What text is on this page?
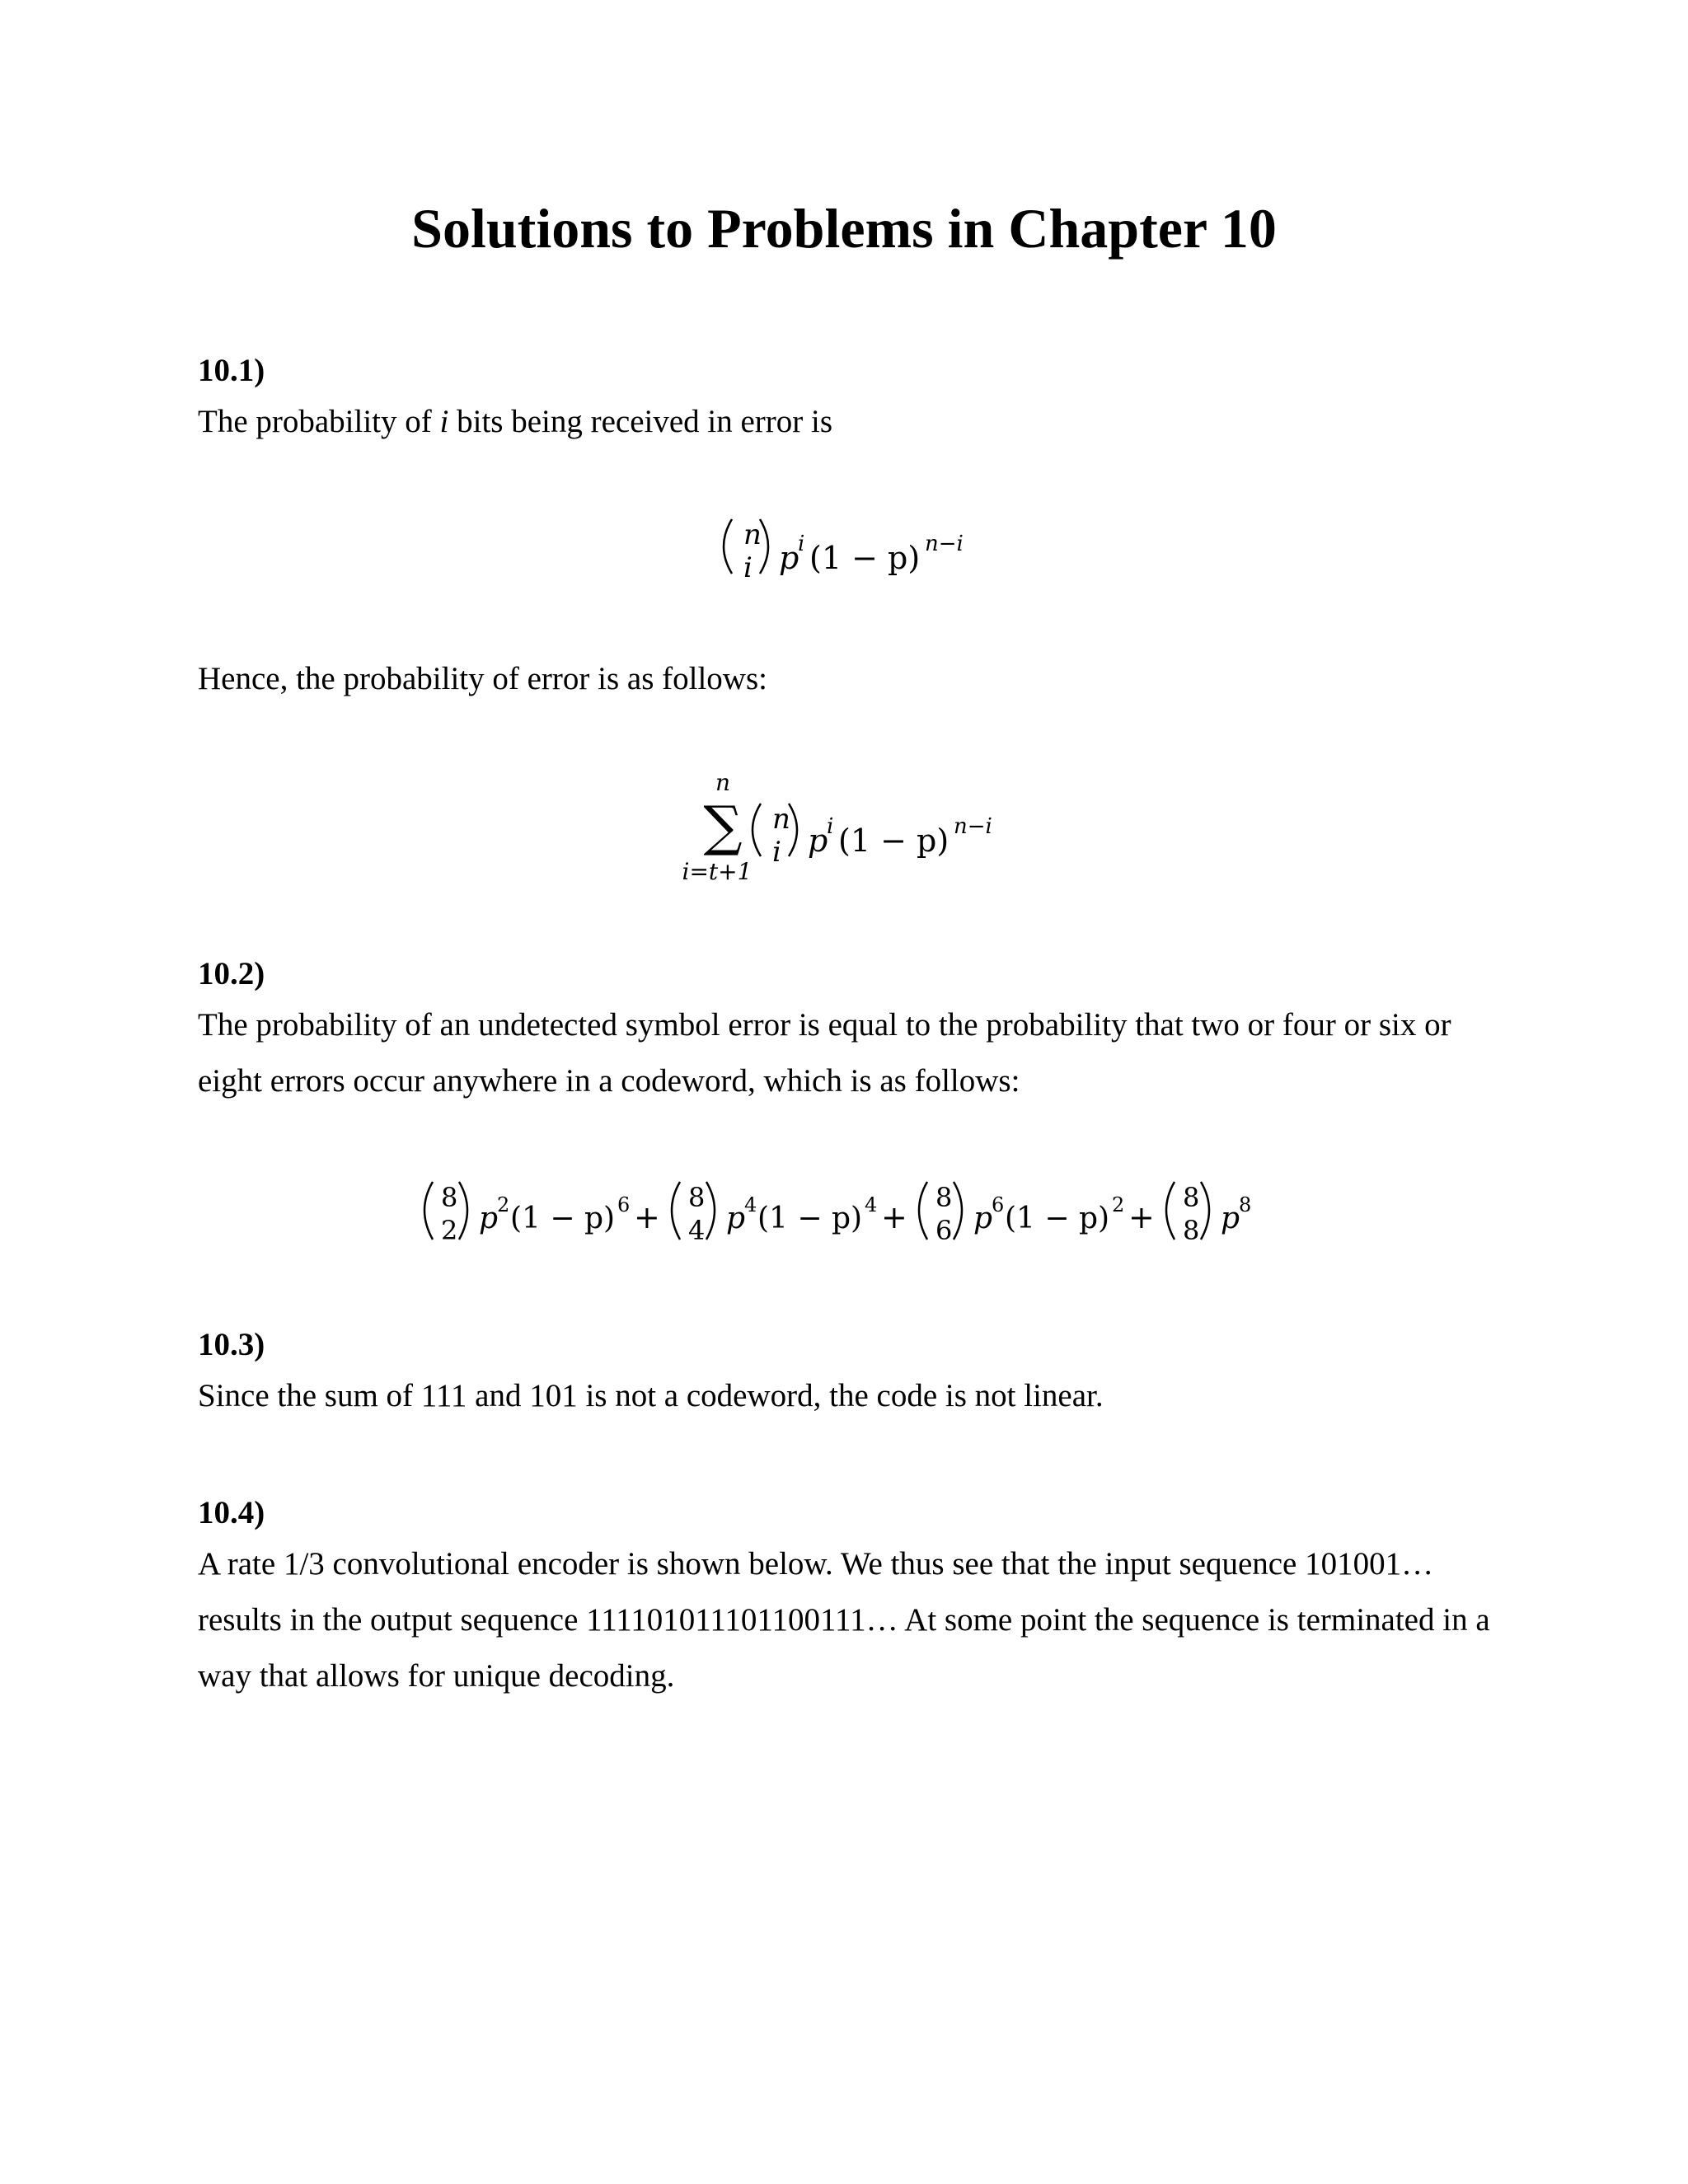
Solutions to Problems in Chapter 10
10.1)
The probability of i bits being received in error is
n
i p
i (1 − p) n−i
Hence, the probability of error is as follows:
n
∑
i=t+1
n
i p
i (1 − p) n−i
10.2)
The probability of an undetected symbol error is equal to the probability that two or four or six or eight errors occur anywhere in a codeword, which is as follows:
8
2 p
2 (1 − p) 6 +
8
4 p
4 (1 − p) 4 +
8
6 p
6 (1 − p) 2 +
8
8 p
8
10.3)
Since the sum of 111 and 101 is not a codeword, the code is not linear.
10.4)
A rate 1/3 convolutional encoder is shown below. We thus see that the input sequence 101001… results in the output sequence 111101011101100111… At some point the sequence is terminated in a way that allows for unique decoding.
